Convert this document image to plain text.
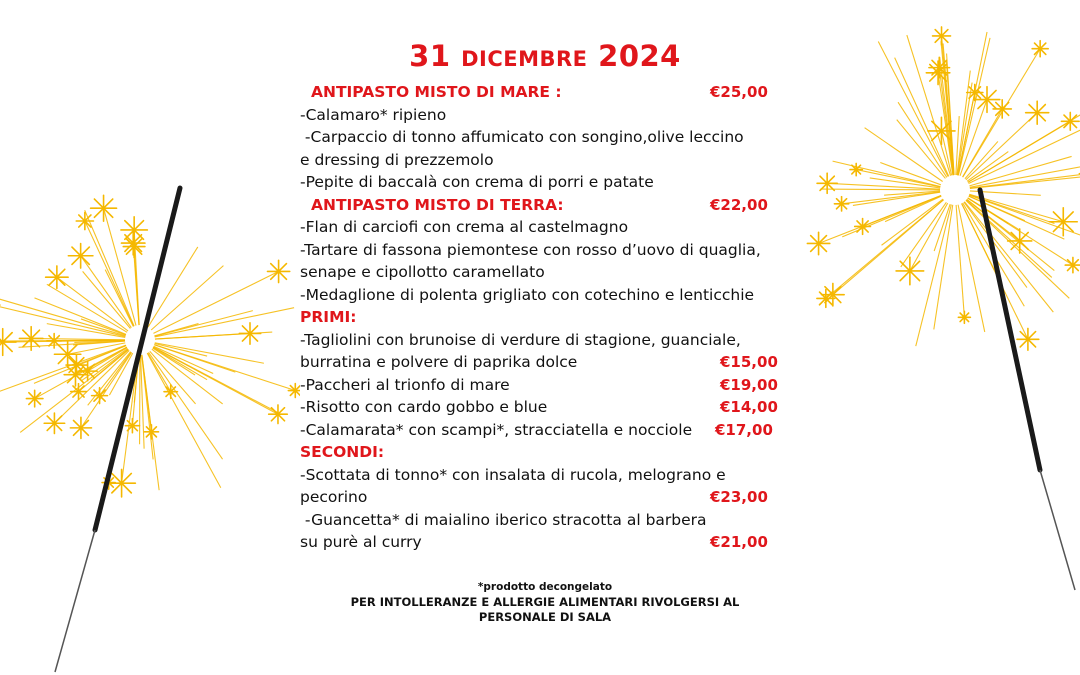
31 DICEMBRE 2024
ANTIPASTO MISTO DI MARE :	€25,00
-Calamaro* ripieno
-Carpaccio di tonno affumicato con songino,olive leccino
e dressing di prezzemolo
-Pepite di baccalà con crema di porri e patate
ANTIPASTO MISTO DI TERRA:	€22,00
-Flan di carciofi con crema al castelmagno
-Tartare di fassona piemontese con rosso d’uovo di quaglia,
senape e cipollotto caramellato
-Medaglione di polenta grigliato con cotechino e lenticchie
PRIMI:
-Tagliolini con brunoise di verdure di stagione, guanciale,
burratina e polvere di paprika dolce	€15,00
-Paccheri al trionfo di mare	€19,00
-Risotto con cardo gobbo e blue	€14,00
-Calamarata* con scampi*, stracciatella e nocciole €17,00
SECONDI:
-Scottata di tonno* con insalata di rucola, melograno e
pecorino	€23,00
-Guancetta* di maialino iberico stracotta al barbera
su purè al curry	€21,00
*prodotto decongelato
PER INTOLLERANZE E ALLERGIE ALIMENTARI RIVOLGERSI AL
PERSONALE DI SALA
